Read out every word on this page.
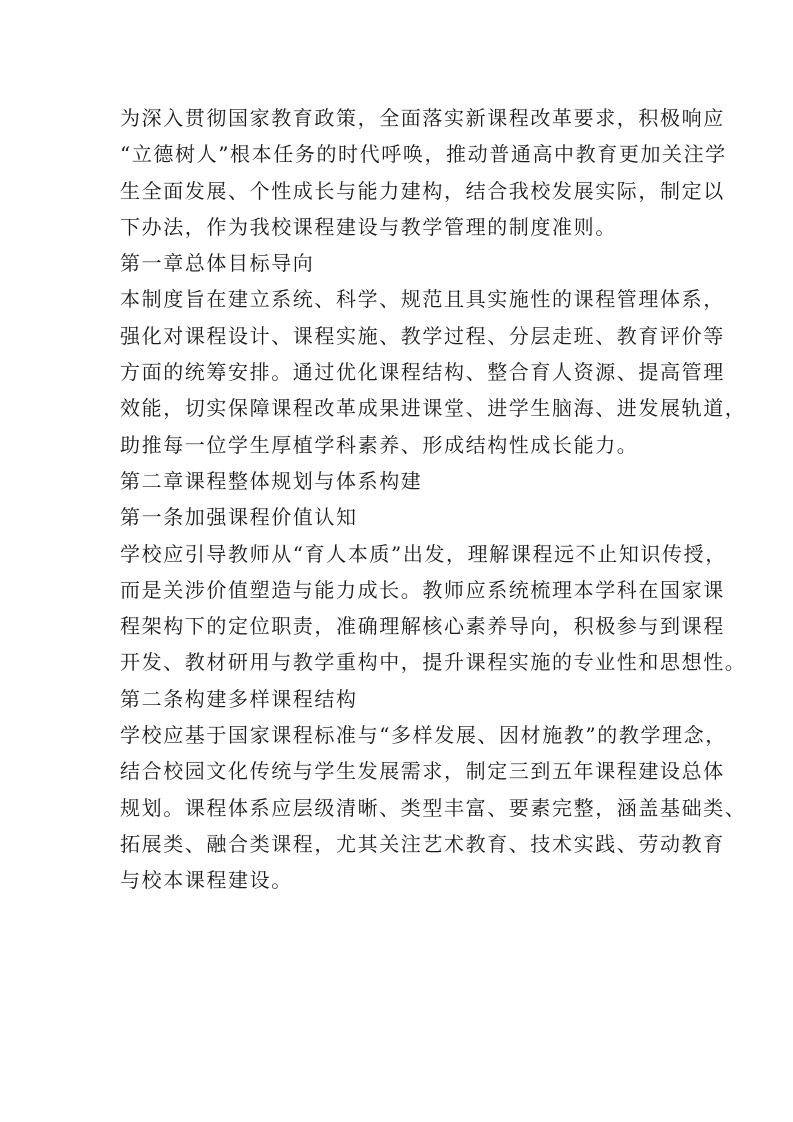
为深入贯彻国家教育政策，全面落实新课程改革要求，积极响应
“立德树人”根本任务的时代呼唤，推动普通高中教育更加关注学
生全面发展、个性成长与能力建构，结合我校发展实际，制定以
下办法，作为我校课程建设与教学管理的制度准则。
第一章总体目标导向
本制度旨在建立系统、科学、规范且具实施性的课程管理体系，
强化对课程设计、课程实施、教学过程、分层走班、教育评价等
方面的统筹安排。通过优化课程结构、整合育人资源、提高管理
效能，切实保障课程改革成果进课堂、进学生脑海、进发展轨道，
助推每一位学生厚植学科素养、形成结构性成长能力。
第二章课程整体规划与体系构建
第一条加强课程价值认知
学校应引导教师从“育人本质”出发，理解课程远不止知识传授，
而是关涉价值塑造与能力成长。教师应系统梳理本学科在国家课
程架构下的定位职责，准确理解核心素养导向，积极参与到课程
开发、教材研用与教学重构中，提升课程实施的专业性和思想性。
第二条构建多样课程结构
学校应基于国家课程标准与“多样发展、因材施教”的教学理念，
结合校园文化传统与学生发展需求，制定三到五年课程建设总体
规划。课程体系应层级清晰、类型丰富、要素完整，涵盖基础类、
拓展类、融合类课程，尤其关注艺术教育、技术实践、劳动教育
与校本课程建设。
